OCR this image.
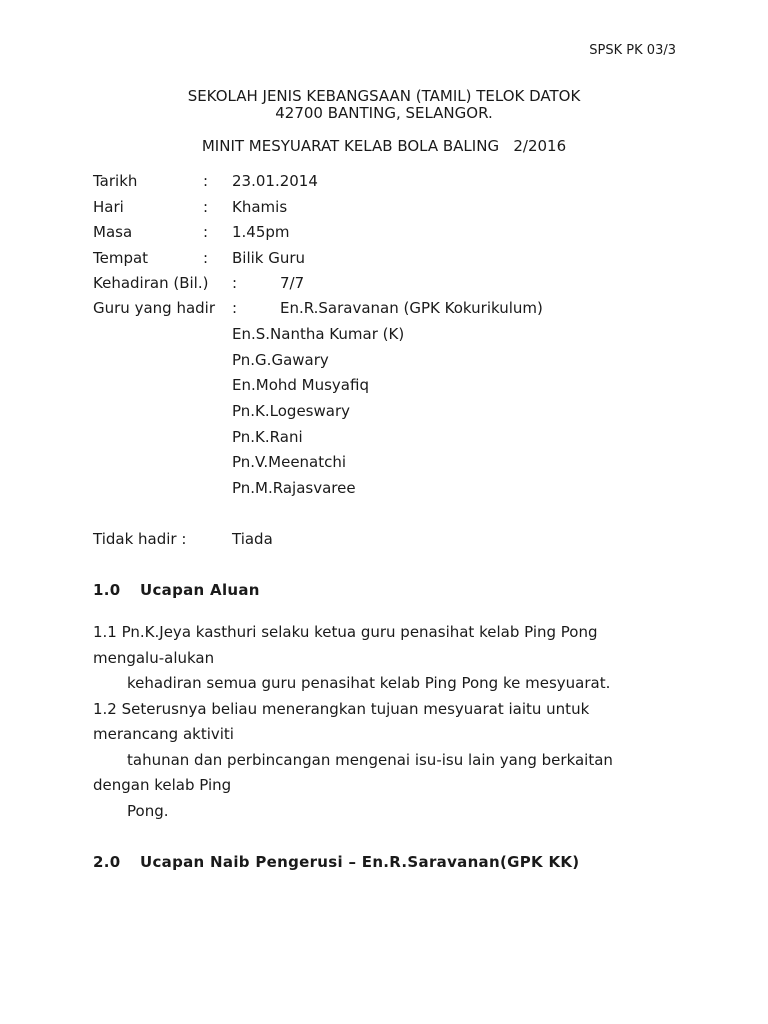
SPSK PK 03/3
SEKOLAH JENIS KEBANGSAAN (TAMIL) TELOK DATOK
42700 BANTING, SELANGOR.
MINIT MESYUARAT KELAB BOLA BALING   2/2016
Tarikh	: 23.01.2014
Hari	: Khamis
Masa	: 1.45pm
Tempat	: Bilik Guru
Kehadiran (Bil.) :	7/7
Guru yang hadir :	En.R.Saravanan (GPK Kokurikulum)
En.S.Nantha Kumar (K)
Pn.G.Gawary
En.Mohd Musyafiq
Pn.K.Logeswary
Pn.K.Rani
Pn.V.Meenatchi
Pn.M.Rajasvaree
Tidak hadir :	Tiada
1.0 Ucapan Aluan
1.1 Pn.K.Jeya kasthuri selaku ketua guru penasihat kelab Ping Pong
mengalu-alukan
kehadiran semua guru penasihat kelab Ping Pong ke mesyuarat.
1.2 Seterusnya beliau menerangkan tujuan mesyuarat iaitu untuk
merancang aktiviti
tahunan dan perbincangan mengenai isu-isu lain yang berkaitan
dengan kelab Ping
Pong.
2.0 Ucapan Naib Pengerusi – En.R.Saravanan(GPK KK)
